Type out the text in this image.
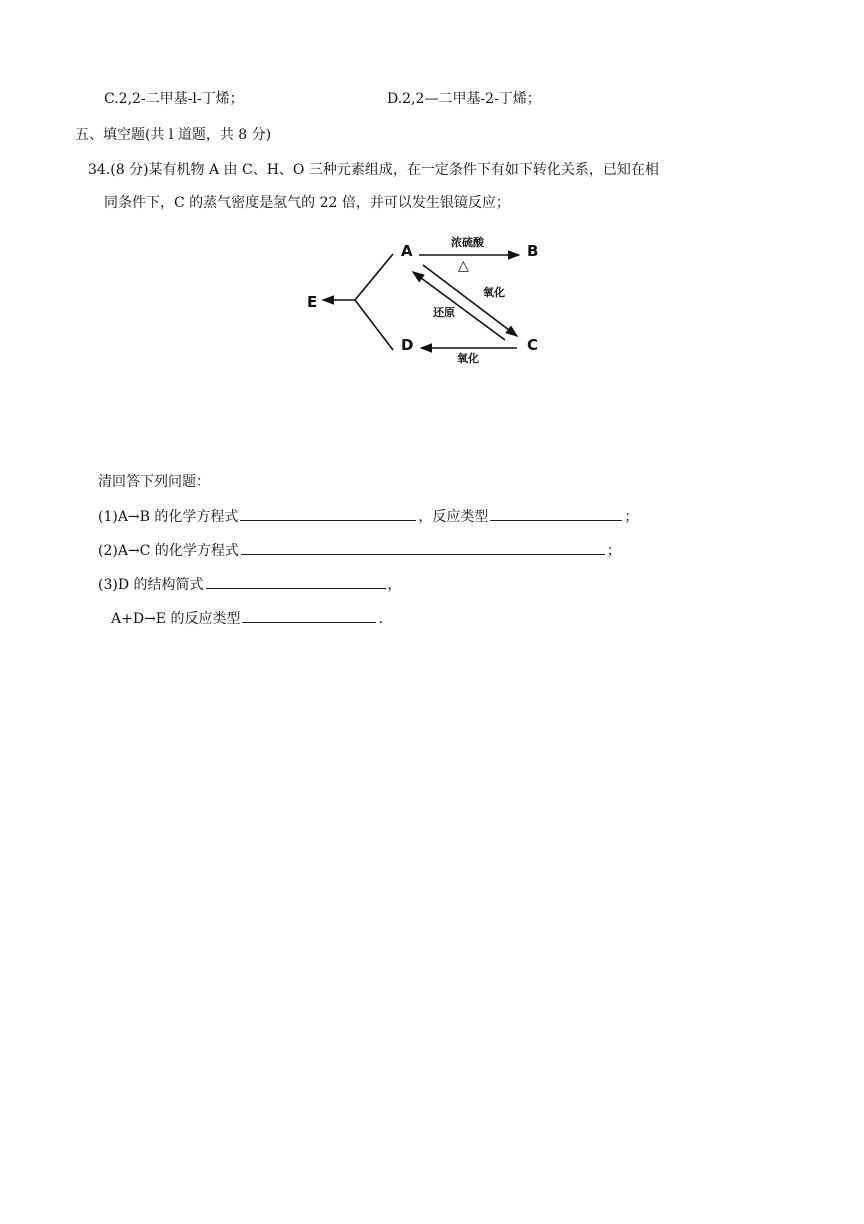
C.2,2-二甲基-l-丁烯；	D.2,2—二甲基-2-丁烯；
五、填空题(共 l 道题，共 8 分)
34.(8 分)某有机物 A 由 C、H、O 三种元素组成，在一定条件下有如下转化关系，已知在相
同条件下，C 的蒸气密度是氢气的 22 倍，并可以发生银镜反应；
A	B
C
D
E
浓硫酸
△
氧化
还原
氧化
清回答下列问题：
(1)A→B 的化学方程式	，反应类型	；
(2)A→C 的化学方程式	；
(3)D 的结构简式	，
A+D→E 的反应类型	.
